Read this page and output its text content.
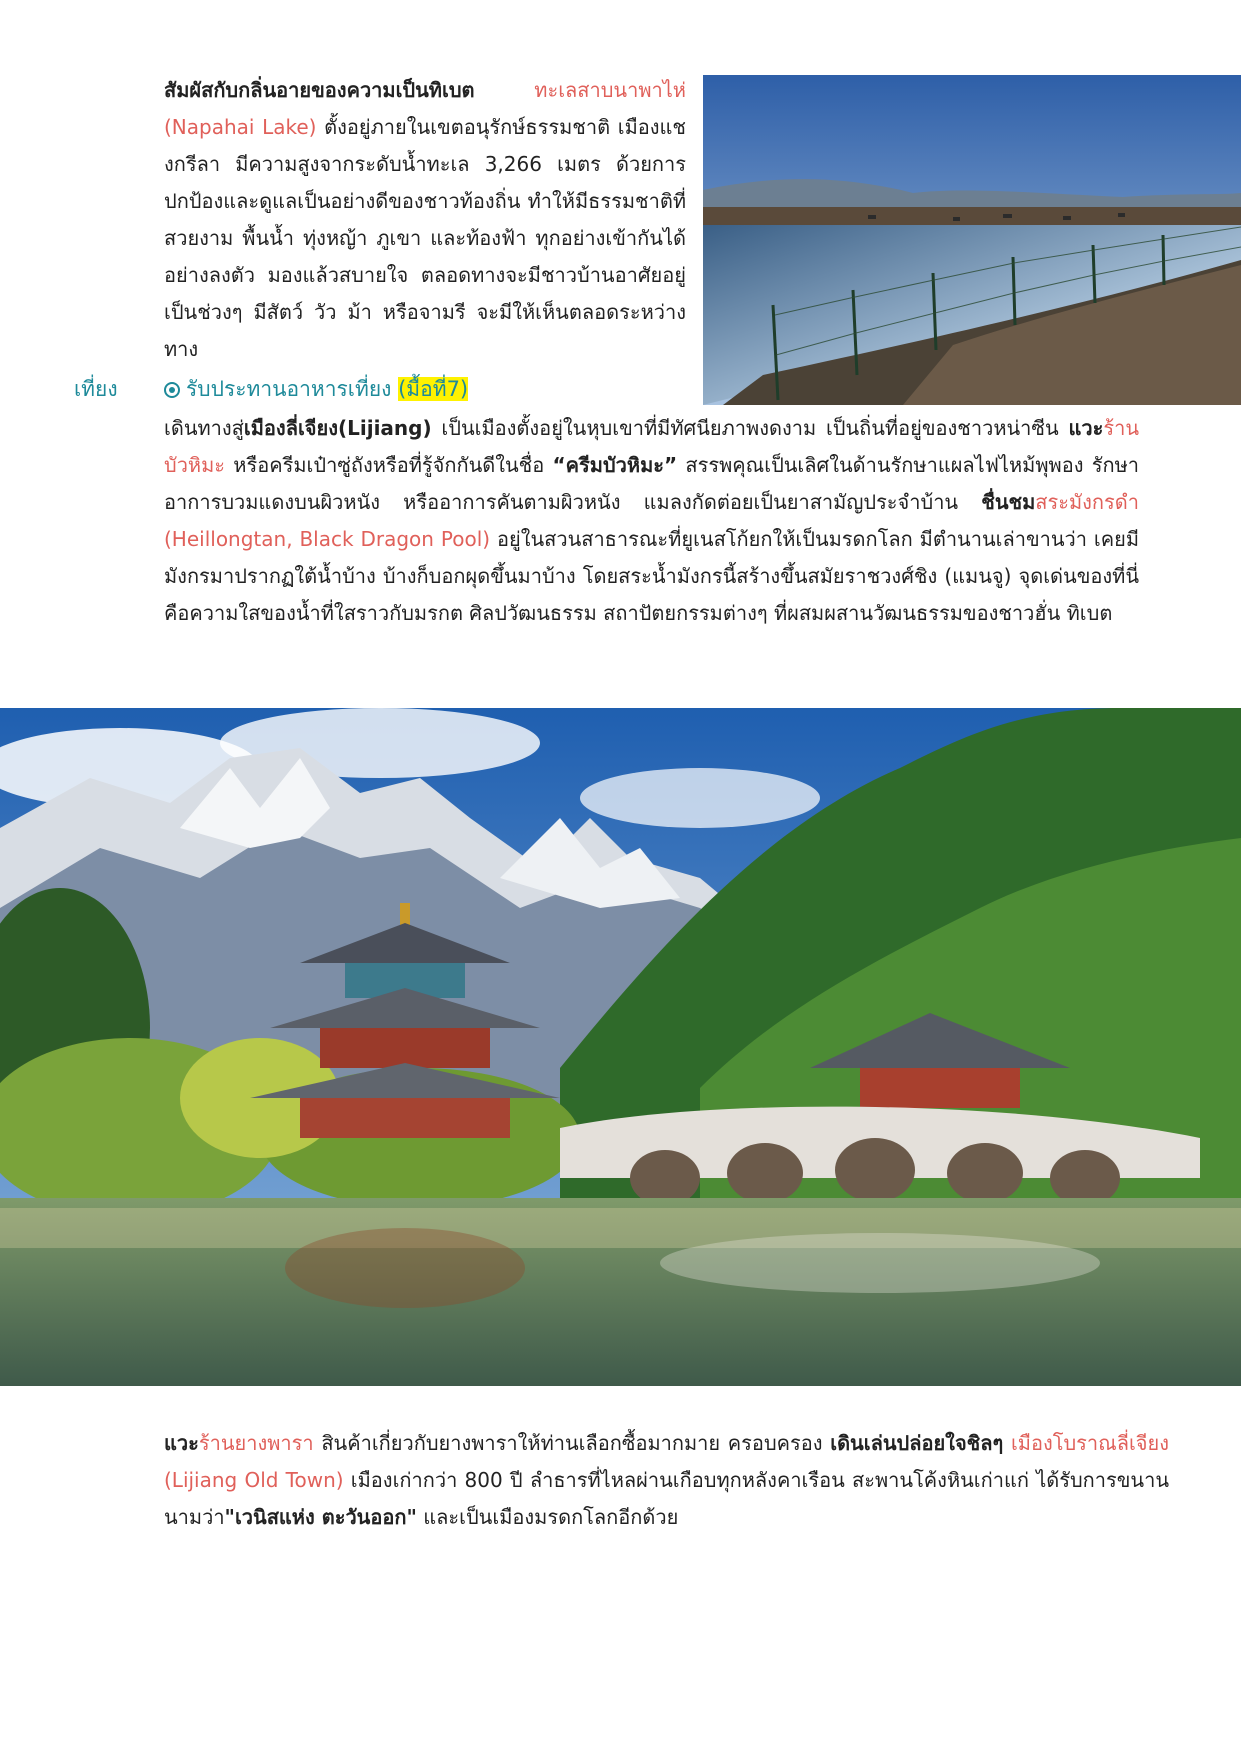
สัมผัสกับกลิ่นอายของความเป็นทิเบต	ทะเลสาบนาพาไห่ (Napahai Lake) ตั้งอยู่ภายในเขตอนุรักษ์ธรรมชาติ เมืองแชงกรีลา มีความสูงจากระดับน้ำทะเล 3,266 เมตร ด้วยการปกป้องและดูแลเป็นอย่างดีของชาวท้องถิ่น ทำให้มีธรรมชาติที่สวยงาม พื้นน้ำ ทุ่งหญ้า ภูเขา และท้องฟ้า ทุกอย่างเข้ากันได้อย่างลงตัว มองแล้วสบายใจ ตลอดทางจะมีชาวบ้านอาศัยอยู่เป็นช่วงๆ มีสัตว์ วัว ม้า หรือจามรี จะมีให้เห็นตลอดระหว่างทาง
เที่ยง	รับประทานอาหารเที่ยง (มื้อที่7)
เดินทางสู่เมืองลี่เจียง(Lijiang) เป็นเมืองตั้งอยู่ในหุบเขาที่มีทัศนียภาพงดงาม เป็นถิ่นที่อยู่ของชาวหน่าซีน แวะร้านบัวหิมะ หรือครีมเป๋าซู่ถังหรือที่รู้จักกันดีในชื่อ “ครีมบัวหิมะ” สรรพคุณเป็นเลิศในด้านรักษาแผลไฟไหม้พุพอง รักษาอาการบวมแดงบนผิวหนัง หรืออาการคันตามผิวหนัง แมลงกัดต่อยเป็นยาสามัญประจำบ้าน ชื่นชมสระมังกรดำ (Heillongtan, Black Dragon Pool) อยู่ในสวนสาธารณะที่ยูเนสโก้ยกให้เป็นมรดกโลก มีตำนานเล่าขานว่า เคยมีมังกรมาปรากฏใต้น้ำบ้าง บ้างก็บอกผุดขึ้นมาบ้าง โดยสระน้ำมังกรนี้สร้างขึ้นสมัยราชวงศ์ชิง (แมนจู) จุดเด่นของที่นี่คือความใสของน้ำที่ใสราวกับมรกต ศิลปวัฒนธรรม สถาปัตยกรรมต่างๆ ที่ผสมผสานวัฒนธรรมของชาวฮั่น ทิเบต
แวะร้านยางพารา สินค้าเกี่ยวกับยางพาราให้ท่านเลือกซื้อมากมาย ครอบครอง เดินเล่นปล่อยใจชิลๆ เมืองโบราณลี่เจียง (Lijiang Old Town) เมืองเก่ากว่า 800 ปี ลำธารที่ไหลผ่านเกือบทุกหลังคาเรือน สะพานโค้งหินเก่าแก่ ได้รับการขนานนามว่า"เวนิสแห่ง ตะวันออก" และเป็นเมืองมรดกโลกอีกด้วย
